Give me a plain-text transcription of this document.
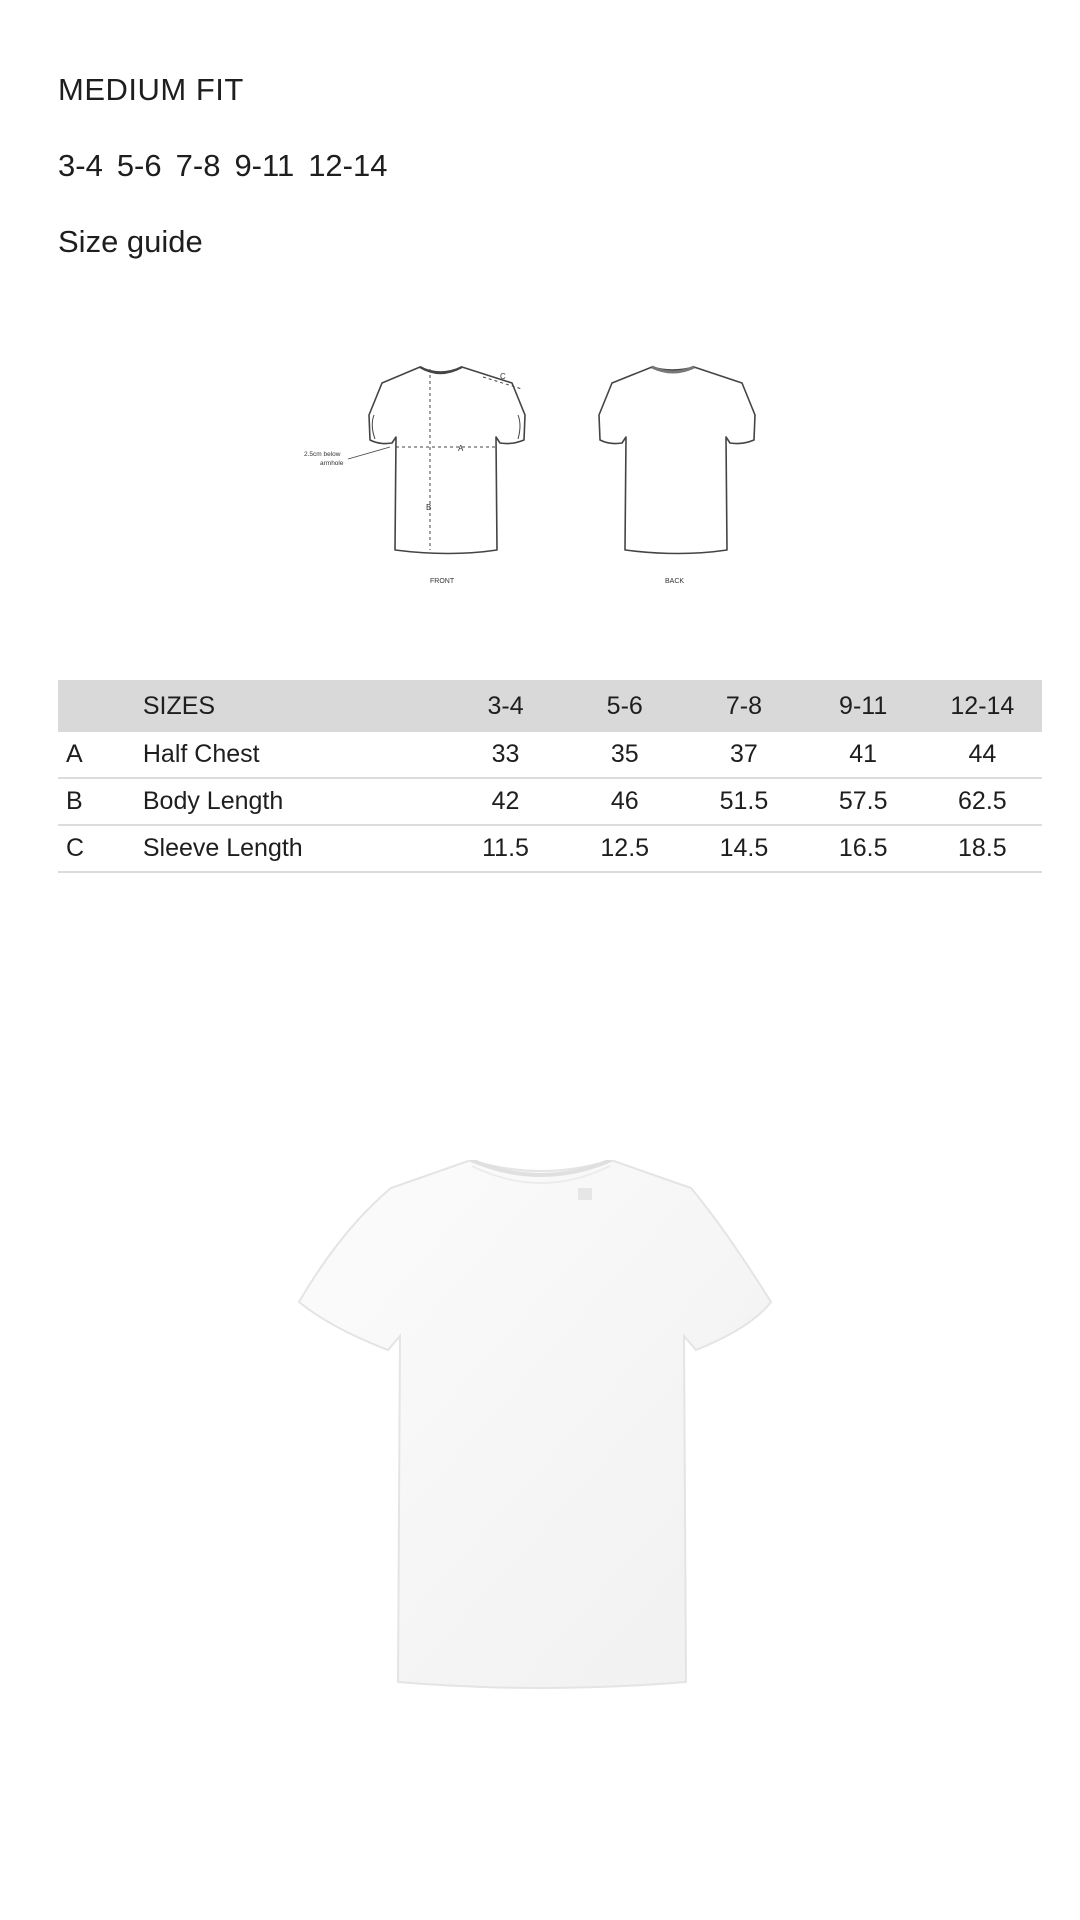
MEDIUM FIT
3-4 5-6 7-8 9-11 12-14
Size guide
A
B
C
2.5cm below
armhole
FRONT	BACK
	SIZES	3-4	5-6	7-8	9-11	12-14
A	Half Chest	33	35	37	41	44
B	Body Length	42	46	51.5	57.5	62.5
C	Sleeve Length	11.5	12.5	14.5	16.5	18.5
